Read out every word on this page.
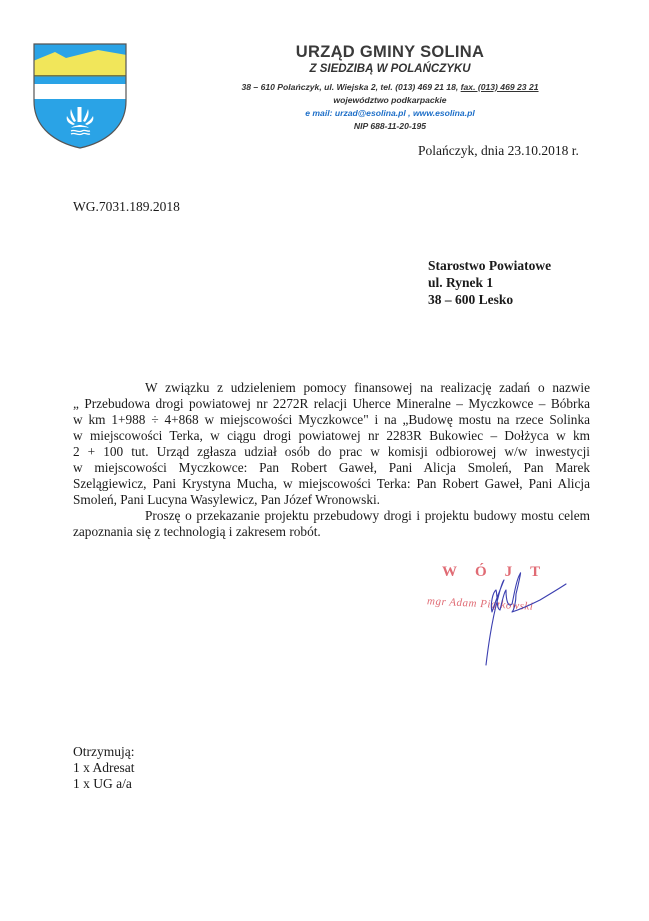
URZĄD GMINY SOLINA
Z SIEDZIBĄ W POLAŃCZYKU
38 – 610 Polańczyk, ul. Wiejska 2, tel. (013) 469 21 18, fax. (013) 469 23 21
województwo podkarpackie
e mail: urzad@esolina.pl , www.esolina.pl
NIP 688-11-20-195
Polańczyk, dnia 23.10.2018 r.
WG.7031.189.2018
Starostwo Powiatowe
ul. Rynek 1
38 – 600 Lesko
W związku z udzieleniem pomocy finansowej na realizację zadań o nazwie
„ Przebudowa drogi powiatowej nr 2272R relacji Uherce Mineralne – Myczkowce – Bóbrka
w km 1+988 ÷ 4+868 w miejscowości Myczkowce" i na „Budowę mostu na rzece Solinka
w miejscowości Terka, w ciągu drogi powiatowej nr 2283R Bukowiec – Dołżyca w km
2 + 100 tut. Urząd zgłasza udział osób do prac w komisji odbiorowej w/w inwestycji
w miejscowości Myczkowce: Pan Robert Gaweł, Pani Alicja Smoleń, Pan Marek
Szelągiewicz, Pani Krystyna Mucha, w miejscowości Terka: Pan Robert Gaweł, Pani Alicja
Smoleń, Pani Lucyna Wasylewicz, Pan Józef Wronowski.
Proszę o przekazanie projektu przebudowy drogi i projektu budowy mostu celem
zapoznania się z technologią i zakresem robót.
WÓJT
mgr Adam Piątkowski
Otrzymują:
1 x Adresat
1 x UG a/a
